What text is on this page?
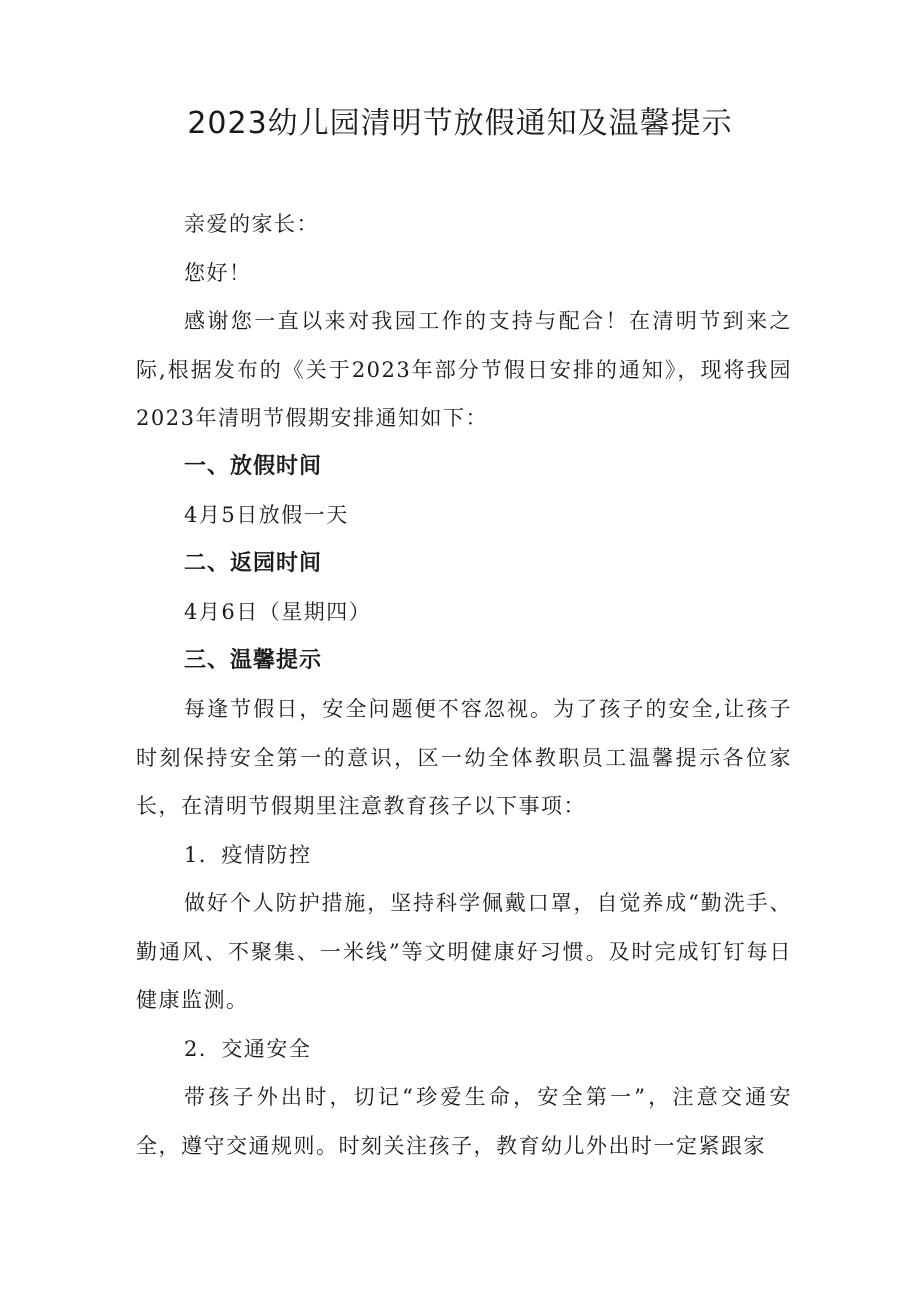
2023幼儿园清明节放假通知及温馨提示

亲爱的家长：

您好！

感谢您一直以来对我园工作的支持与配合！在清明节到来之际,根据发布的《关于2023年部分节假日安排的通知》，现将我园2023年清明节假期安排通知如下：

一、放假时间

4月5日放假一天

二、返园时间

4月6日（星期四）

三、温馨提示

每逢节假日，安全问题便不容忽视。为了孩子的安全,让孩子时刻保持安全第一的意识，区一幼全体教职员工温馨提示各位家长，在清明节假期里注意教育孩子以下事项：

1．疫情防控

做好个人防护措施，坚持科学佩戴口罩，自觉养成“勤洗手、勤通风、不聚集、一米线”等文明健康好习惯。及时完成钉钉每日健康监测。

2．交通安全

带孩子外出时，切记“珍爱生命，安全第一”，注意交通安全，遵守交通规则。时刻关注孩子，教育幼儿外出时一定紧跟家
